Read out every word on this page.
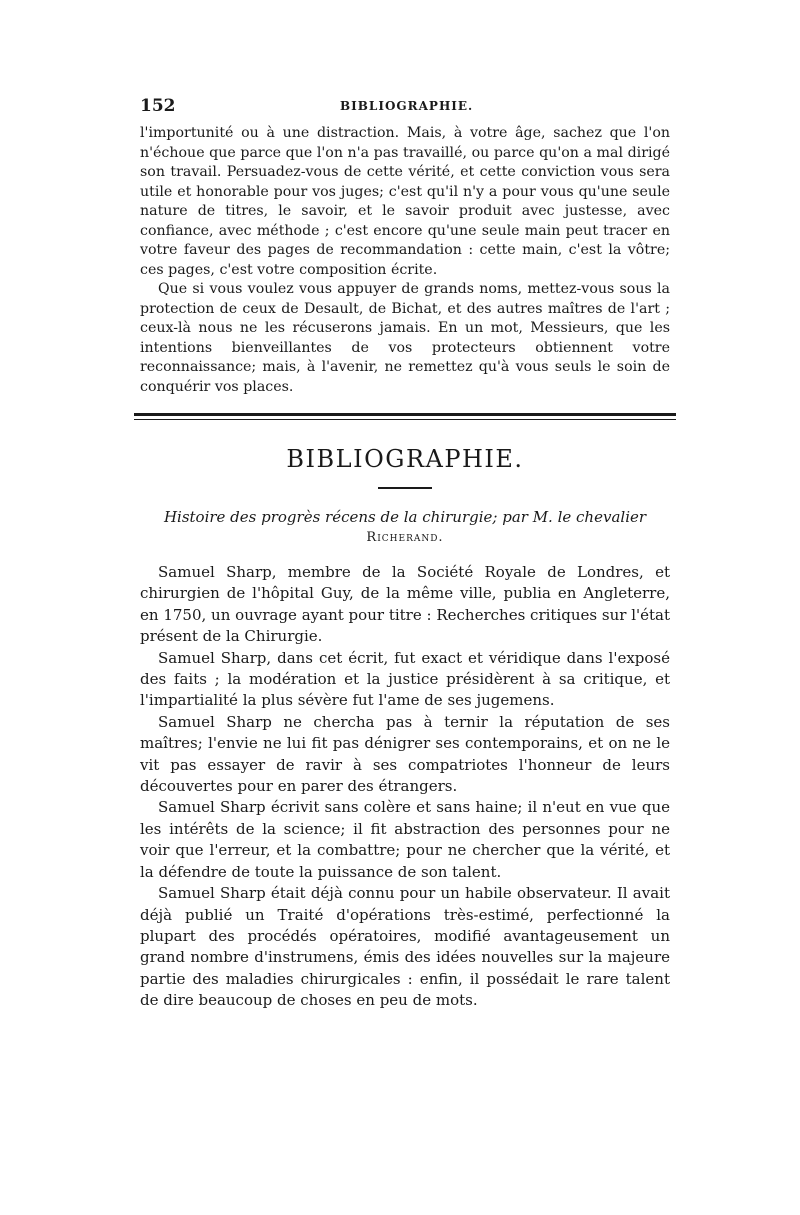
152	BIBLIOGRAPHIE.

l'importunité ou à une distraction. Mais, à votre âge, sachez que l'on n'échoue que parce que l'on n'a pas travaillé, ou parce qu'on a mal dirigé son travail. Persuadez-vous de cette vérité, et cette conviction vous sera utile et honorable pour vos juges; c'est qu'il n'y a pour vous qu'une seule nature de titres, le savoir, et le savoir produit avec justesse, avec confiance, avec méthode ; c'est encore qu'une seule main peut tracer en votre faveur des pages de recommandation : cette main, c'est la vôtre; ces pages, c'est votre composition écrite.

Que si vous voulez vous appuyer de grands noms, mettez-vous sous la protection de ceux de Desault, de Bichat, et des autres maîtres de l'art ; ceux-là nous ne les récuserons jamais. En un mot, Messieurs, que les intentions bienveillantes de vos protecteurs obtiennent votre reconnaissance; mais, à l'avenir, ne remettez qu'à vous seuls le soin de conquérir vos places.

BIBLIOGRAPHIE.
Histoire des progrès récens de la chirurgie; par M. le chevalier
Richerand.

Samuel Sharp, membre de la Société Royale de Londres, et chirurgien de l'hôpital Guy, de la même ville, publia en Angleterre, en 1750, un ouvrage ayant pour titre : Recherches critiques sur l'état présent de la Chirurgie.

Samuel Sharp, dans cet écrit, fut exact et véridique dans l'exposé des faits ; la modération et la justice présidèrent à sa critique, et l'impartialité la plus sévère fut l'ame de ses jugemens.

Samuel Sharp ne chercha pas à ternir la réputation de ses maîtres; l'envie ne lui fit pas dénigrer ses contemporains, et on ne le vit pas essayer de ravir à ses compatriotes l'honneur de leurs découvertes pour en parer des étrangers.

Samuel Sharp écrivit sans colère et sans haine; il n'eut en vue que les intérêts de la science; il fit abstraction des personnes pour ne voir que l'erreur, et la combattre; pour ne chercher que la vérité, et la défendre de toute la puissance de son talent.

Samuel Sharp était déjà connu pour un habile observateur. Il avait déjà publié un Traité d'opérations très-estimé, perfectionné la plupart des procédés opératoires, modifié avantageusement un grand nombre d'instrumens, émis des idées nouvelles sur la majeure partie des maladies chirurgicales : enfin, il possédait le rare talent de dire beaucoup de choses en peu de mots.
